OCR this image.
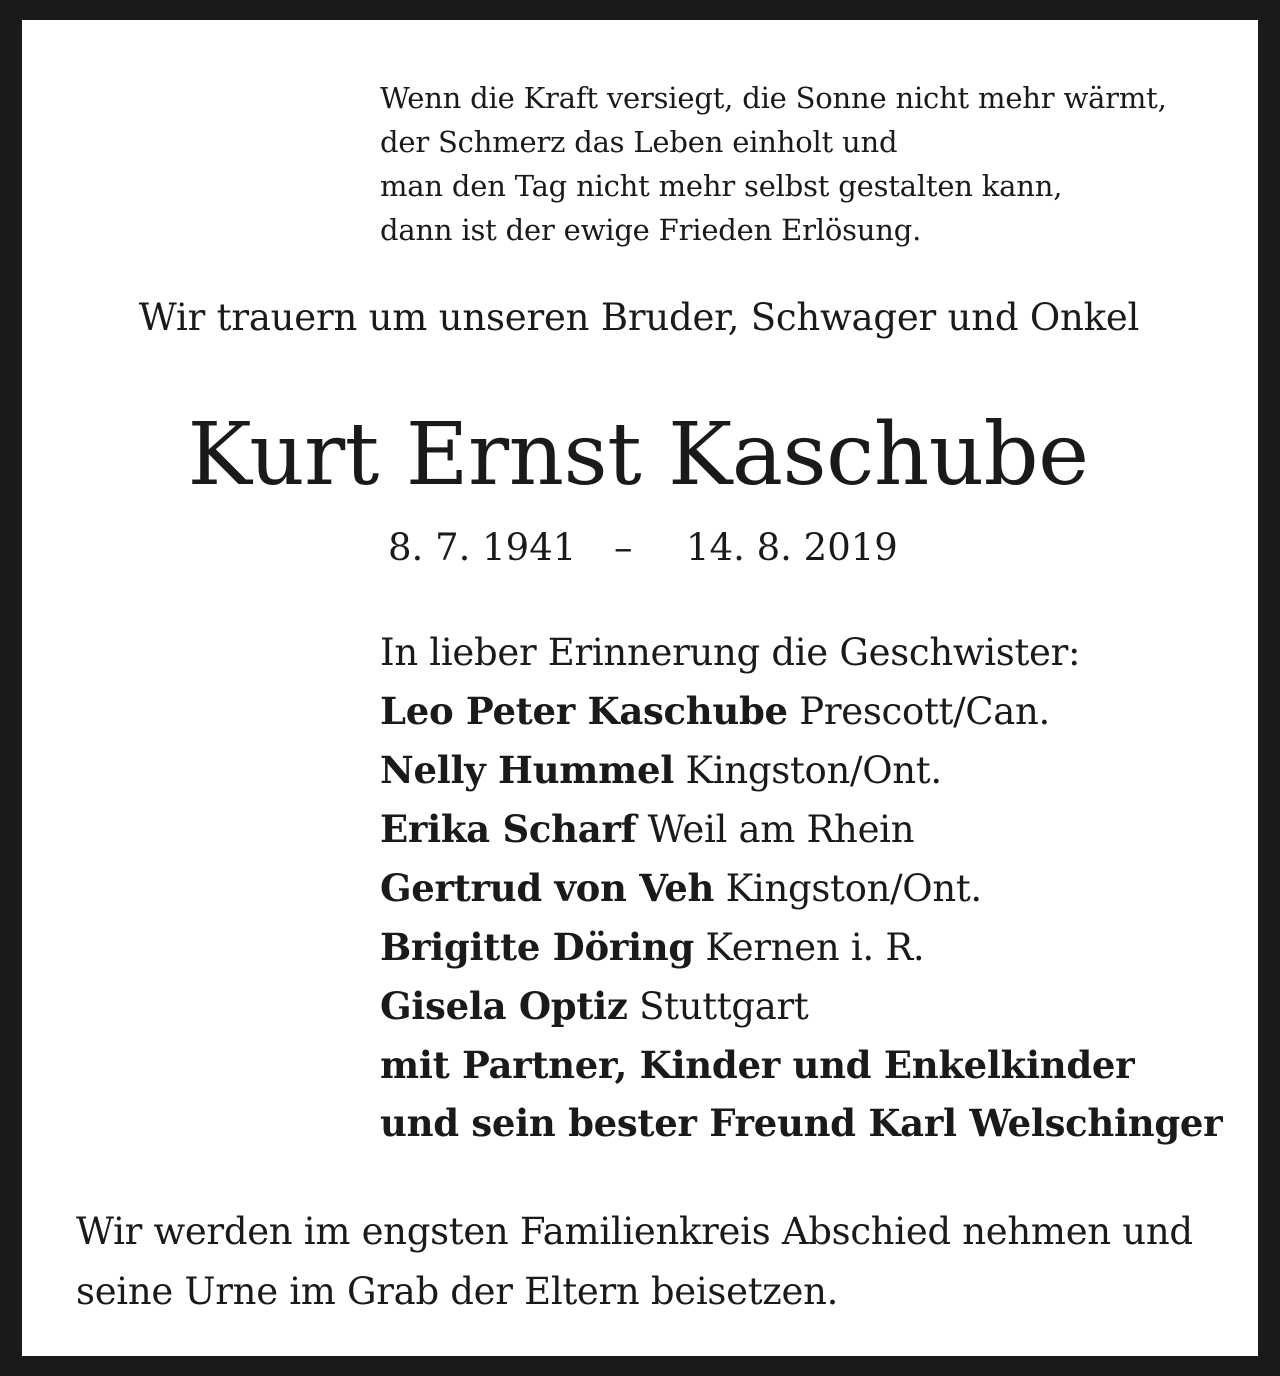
Wenn die Kraft versiegt, die Sonne nicht mehr wärmt,
der Schmerz das Leben einholt und
man den Tag nicht mehr selbst gestalten kann,
dann ist der ewige Frieden Erlösung.
Wir trauern um unseren Bruder, Schwager und Onkel
Kurt Ernst Kaschube
8. 7. 1941 – 14. 8. 2019
In lieber Erinnerung die Geschwister:
Leo Peter Kaschube Prescott/Can.
Nelly Hummel Kingston/Ont.
Erika Scharf Weil am Rhein
Gertrud von Veh Kingston/Ont.
Brigitte Döring Kernen i. R.
Gisela Optiz Stuttgart
mit Partner, Kinder und Enkelkinder
und sein bester Freund Karl Welschinger
Wir werden im engsten Familienkreis Abschied nehmen und
seine Urne im Grab der Eltern beisetzen.
